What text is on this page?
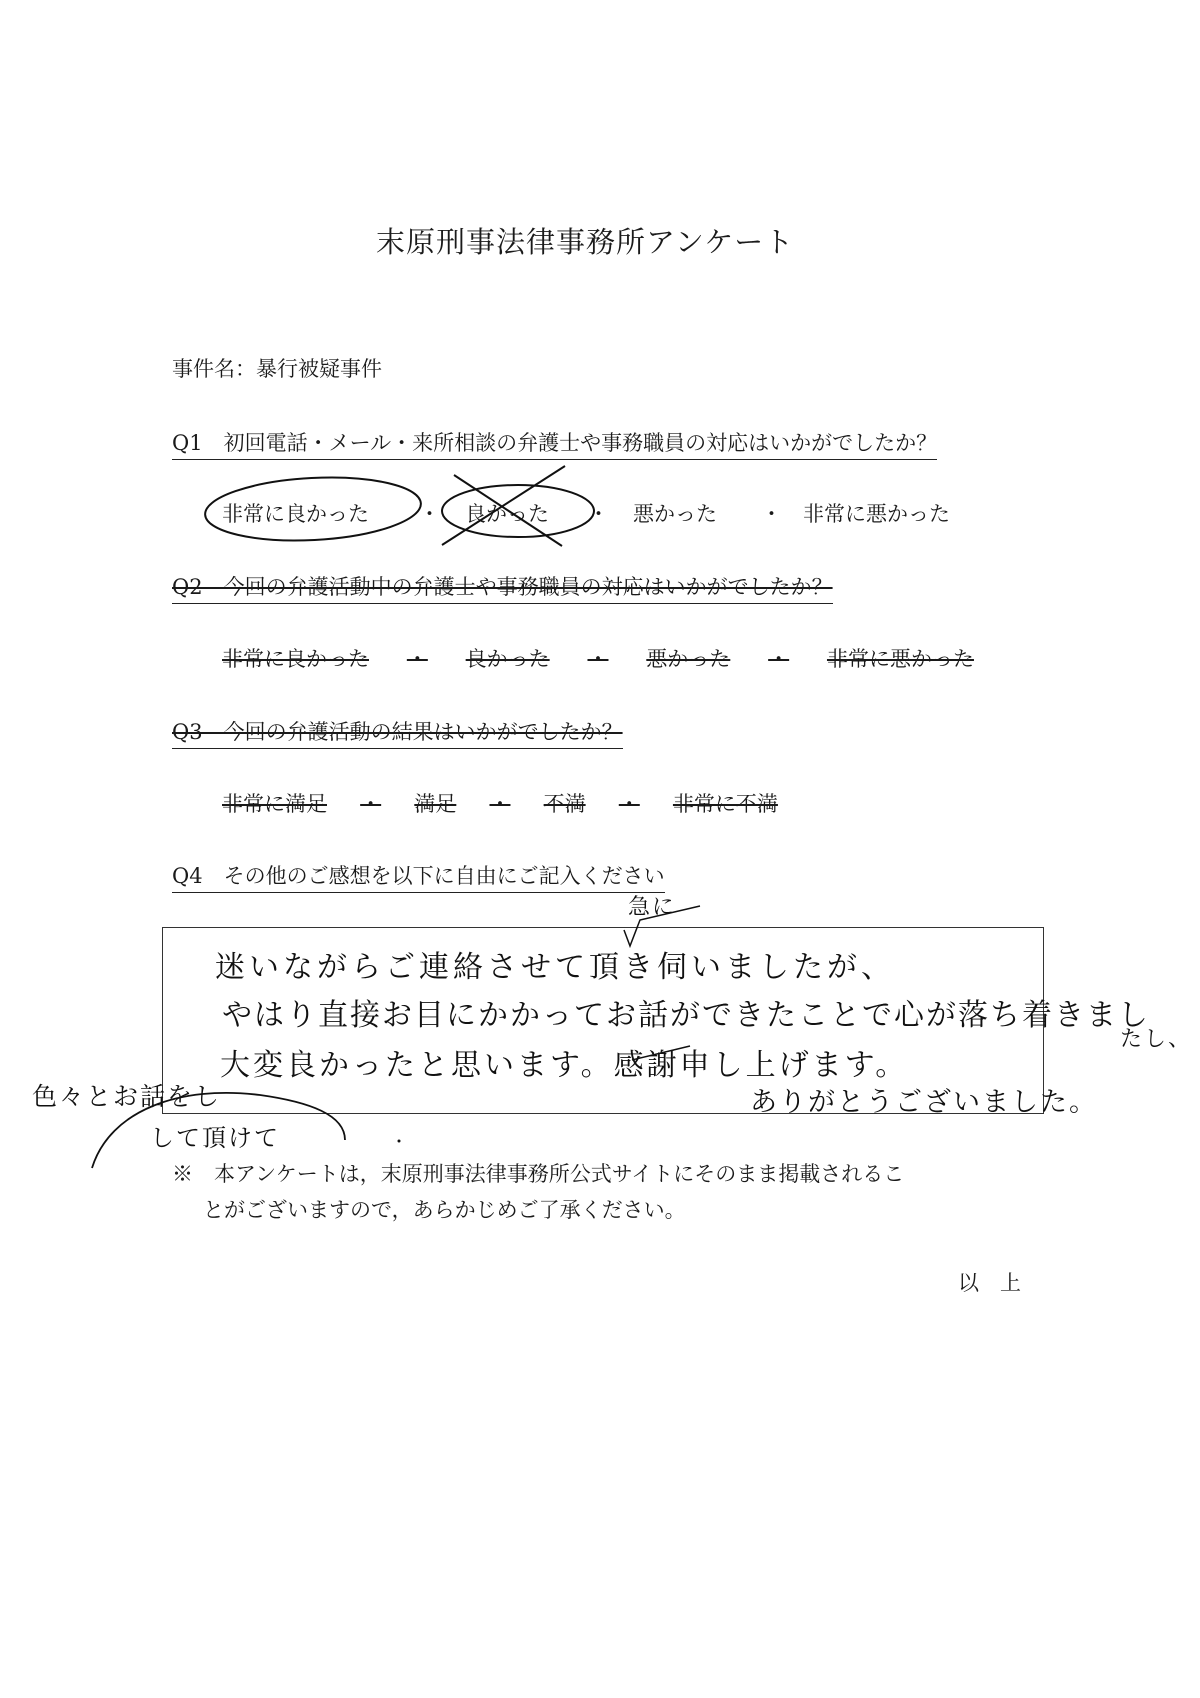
末原刑事法律事務所アンケート
事件名：暴行被疑事件
Q1　初回電話・メール・来所相談の弁護士や事務職員の対応はいかがでしたか？
非常に良かった ・ 良かった ・ 悪かった ・ 非常に悪かった
Q2　今回の弁護活動中の弁護士や事務職員の対応はいかがでしたか？
非常に良かった ・ 良かった ・ 悪かった ・ 非常に悪かった
Q3　今回の弁護活動の結果はいかがでしたか？
非常に満足 ・ 満足 ・ 不満 ・ 非常に不満
Q4　その他のご感想を以下に自由にご記入ください
急に
迷いながらご連絡させて頂き伺いましたが、
やはり直接お目にかかってお話ができたことで心が落ち着きまし
たし、
大変良かったと思います。感謝申し上げます。
ありがとうございました。
色々とお話をし
して頂けて
※　本アンケートは，末原刑事法律事務所公式サイトにそのまま掲載されるこ
とがございますので，あらかじめご了承ください。
以　上
